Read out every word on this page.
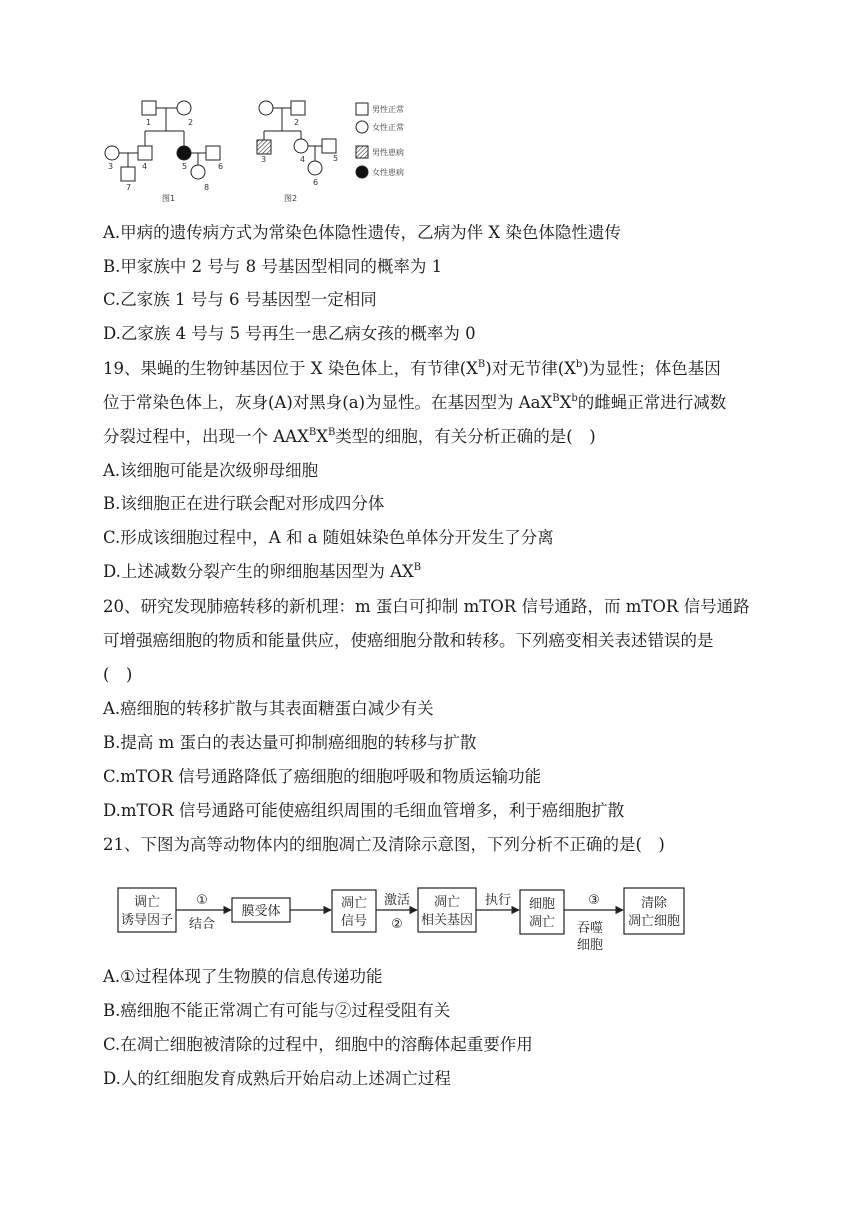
1	2
3	4	5	6
7	8
2
3	4	5
6
图1	图2
男性正常
女性正常
男性患病
女性患病
A.甲病的遗传病方式为常染色体隐性遗传，乙病为伴 X 染色体隐性遗传
B.甲家族中 2 号与 8 号基因型相同的概率为 1
C.乙家族 1 号与 6 号基因型一定相同
D.乙家族 4 号与 5 号再生一患乙病女孩的概率为 0
19、果蝇的生物钟基因位于 X 染色体上，有节律$(X^B)$对无节律$(X^b)$为显性；体色基因
位于常染色体上，灰身(A)对黑身(a)为显性。在基因型为 $AaX^BX^b$的雌蝇正常进行减数
分裂过程中，出现一个 $AAX^BX^B$类型的细胞，有关分析正确的是(　)
A.该细胞可能是次级卵母细胞
B.该细胞正在进行联会配对形成四分体
C.形成该细胞过程中，A 和 a 随姐妹染色单体分开发生了分离
D.上述减数分裂产生的卵细胞基因型为 $AX^B$
20、研究发现肺癌转移的新机理：m 蛋白可抑制 mTOR 信号通路，而 mTOR 信号通路
可增强癌细胞的物质和能量供应，使癌细胞分散和转移。下列癌变相关表述错误的是
(　)
A.癌细胞的转移扩散与其表面糖蛋白减少有关
B.提高 m 蛋白的表达量可抑制癌细胞的转移与扩散
C.mTOR 信号通路降低了癌细胞的细胞呼吸和物质运输功能
D.mTOR 信号通路可能使癌组织周围的毛细血管增多，利于癌细胞扩散
21、下图为高等动物体内的细胞凋亡及清除示意图，下列分析不正确的是(　)
调亡
诱导因子
膜受体
凋亡
信号
凋亡
相关基因
细胞
凋亡
清除
凋亡细胞
①
结合
激活
②
执行	③
吞噬
细胞
A.①过程体现了生物膜的信息传递功能
B.癌细胞不能正常凋亡有可能与②过程受阻有关
C.在凋亡细胞被清除的过程中，细胞中的溶酶体起重要作用
D.人的红细胞发育成熟后开始启动上述凋亡过程
